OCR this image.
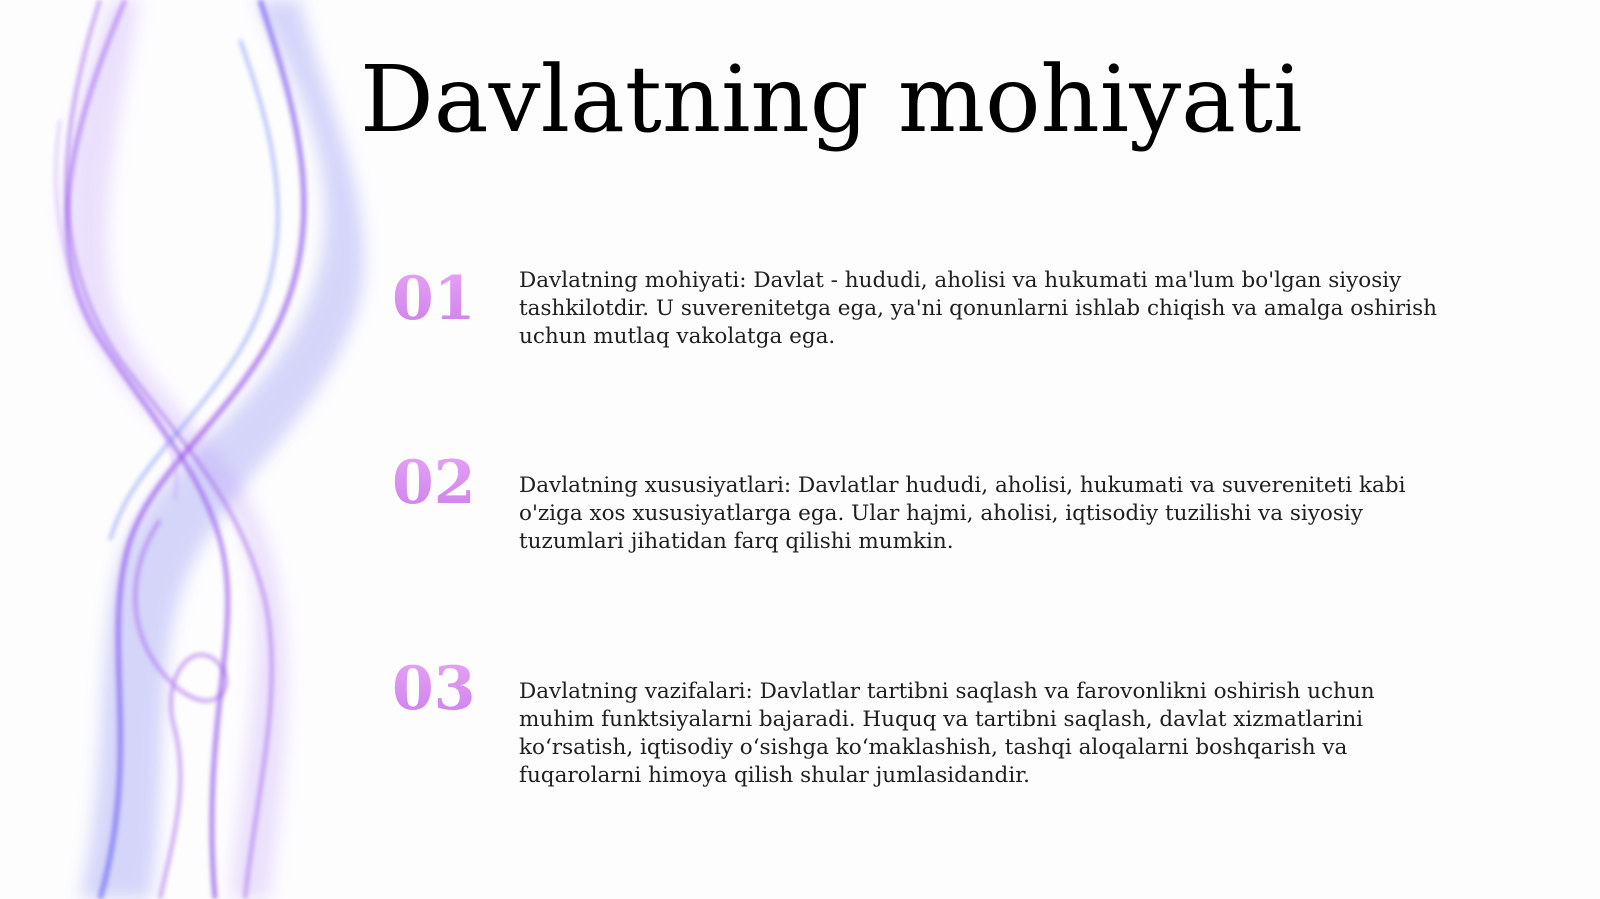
Davlatning mohiyati
01	Davlatning mohiyati: Davlat - hududi, aholisi va hukumati ma'lum bo'lgan siyosiy tashkilotdir. U suverenitetga ega, ya'ni qonunlarni ishlab chiqish va amalga oshirish uchun mutlaq vakolatga ega.

02	Davlatning xususiyatlari: Davlatlar hududi, aholisi, hukumati va suvereniteti kabi o'ziga xos xususiyatlarga ega. Ular hajmi, aholisi, iqtisodiy tuzilishi va siyosiy tuzumlari jihatidan farq qilishi mumkin.

03	Davlatning vazifalari: Davlatlar tartibni saqlash va farovonlikni oshirish uchun muhim funktsiyalarni bajaradi. Huquq va tartibni saqlash, davlat xizmatlarini ko‘rsatish, iqtisodiy o‘sishga ko‘maklashish, tashqi aloqalarni boshqarish va fuqarolarni himoya qilish shular jumlasidandir.
